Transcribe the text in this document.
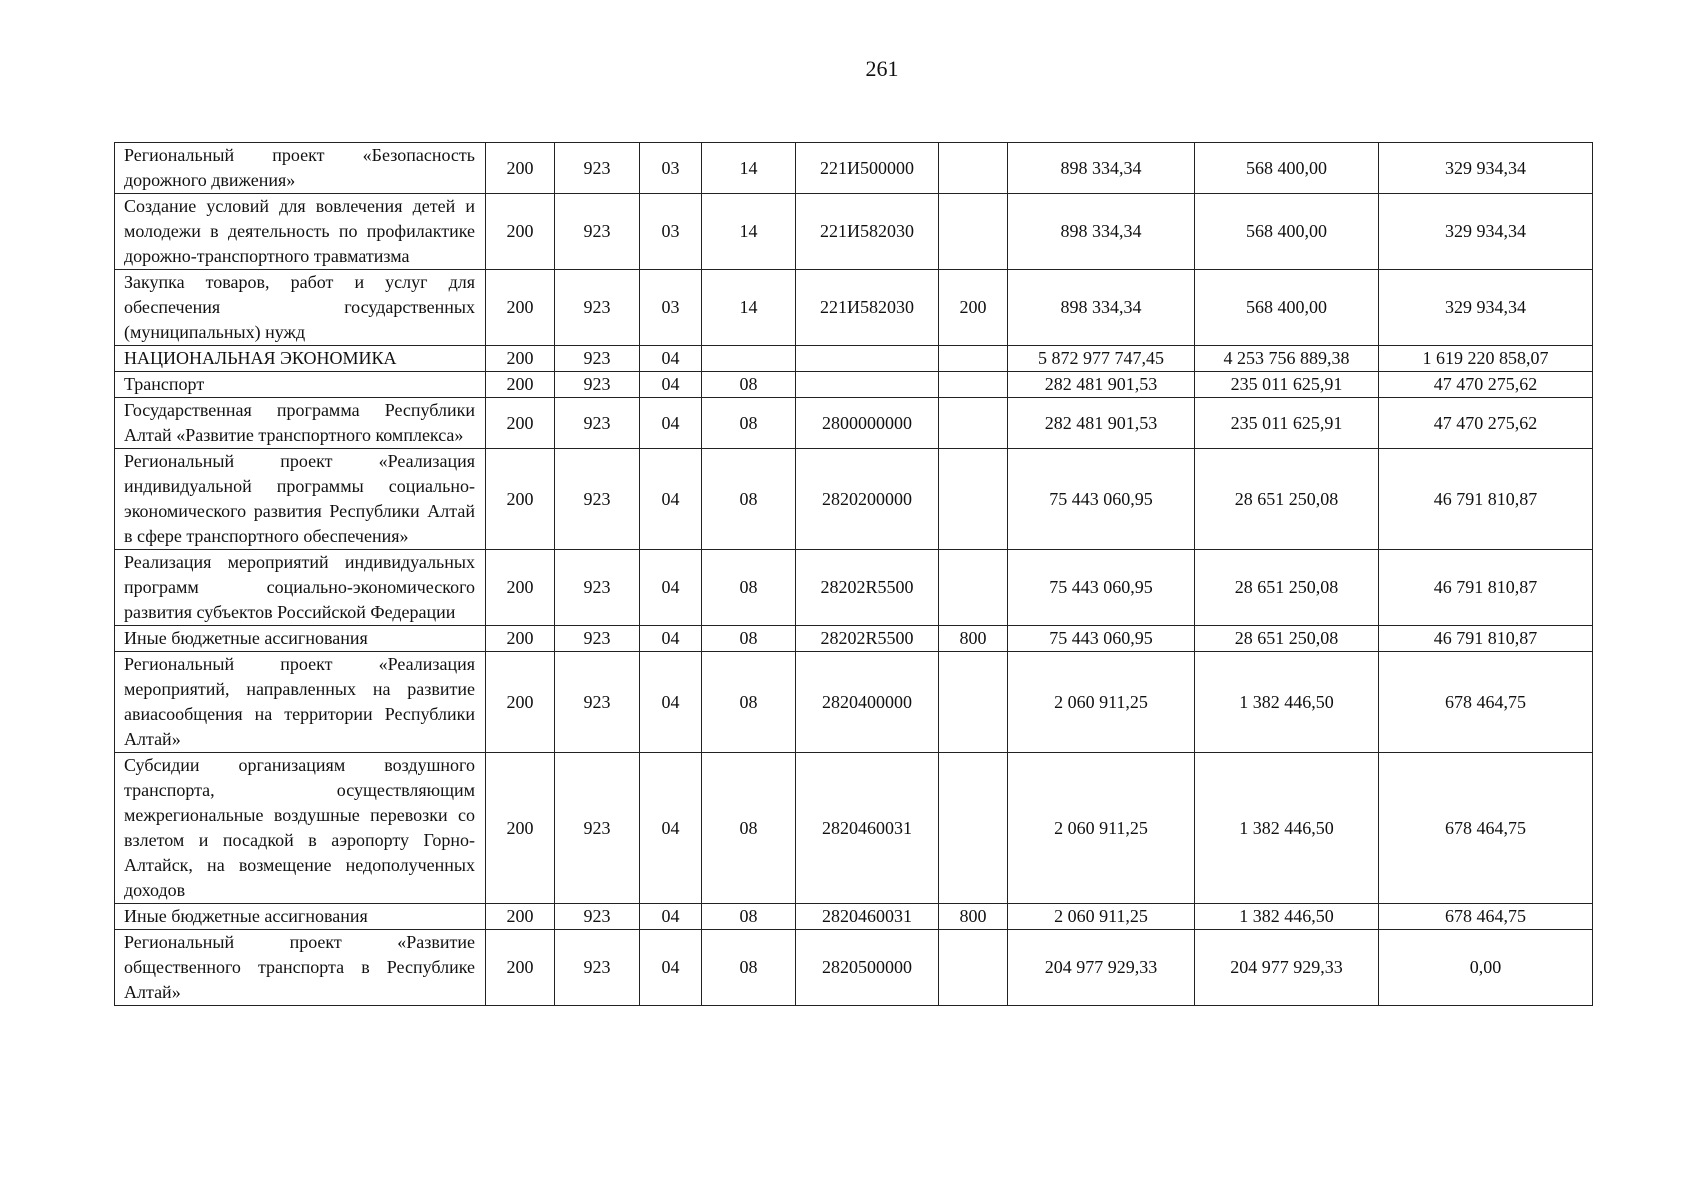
261
Региональный проект «Безопасность дорожного движения»	200	923	03	14	221И500000		898 334,34	568 400,00	329 934,34
Создание условий для вовлечения детей и молодежи в деятельность по профилактике дорожно-транспортного травматизма	200	923	03	14	221И582030		898 334,34	568 400,00	329 934,34
Закупка товаров, работ и услуг для обеспечения государственных (муниципальных) нужд	200	923	03	14	221И582030	200	898 334,34	568 400,00	329 934,34
НАЦИОНАЛЬНАЯ ЭКОНОМИКА	200	923	04				5 872 977 747,45	4 253 756 889,38	1 619 220 858,07
Транспорт	200	923	04	08			282 481 901,53	235 011 625,91	47 470 275,62
Государственная программа Республики Алтай «Развитие транспортного комплекса»	200	923	04	08	2800000000		282 481 901,53	235 011 625,91	47 470 275,62
Региональный проект «Реализация индивидуальной программы социально-экономического развития Республики Алтай в сфере транспортного обеспечения»	200	923	04	08	2820200000		75 443 060,95	28 651 250,08	46 791 810,87
Реализация мероприятий индивидуальных программ социально-экономического развития субъектов Российской Федерации	200	923	04	08	28202R5500		75 443 060,95	28 651 250,08	46 791 810,87
Иные бюджетные ассигнования	200	923	04	08	28202R5500	800	75 443 060,95	28 651 250,08	46 791 810,87
Региональный проект «Реализация мероприятий, направленных на развитие авиасообщения на территории Республики Алтай»	200	923	04	08	2820400000		2 060 911,25	1 382 446,50	678 464,75
Субсидии организациям воздушного транспорта, осуществляющим межрегиональные воздушные перевозки со взлетом и посадкой в аэропорту Горно-Алтайск, на возмещение недополученных доходов	200	923	04	08	2820460031		2 060 911,25	1 382 446,50	678 464,75
Иные бюджетные ассигнования	200	923	04	08	2820460031	800	2 060 911,25	1 382 446,50	678 464,75
Региональный проект «Развитие общественного транспорта в Республике Алтай»	200	923	04	08	2820500000		204 977 929,33	204 977 929,33	0,00
